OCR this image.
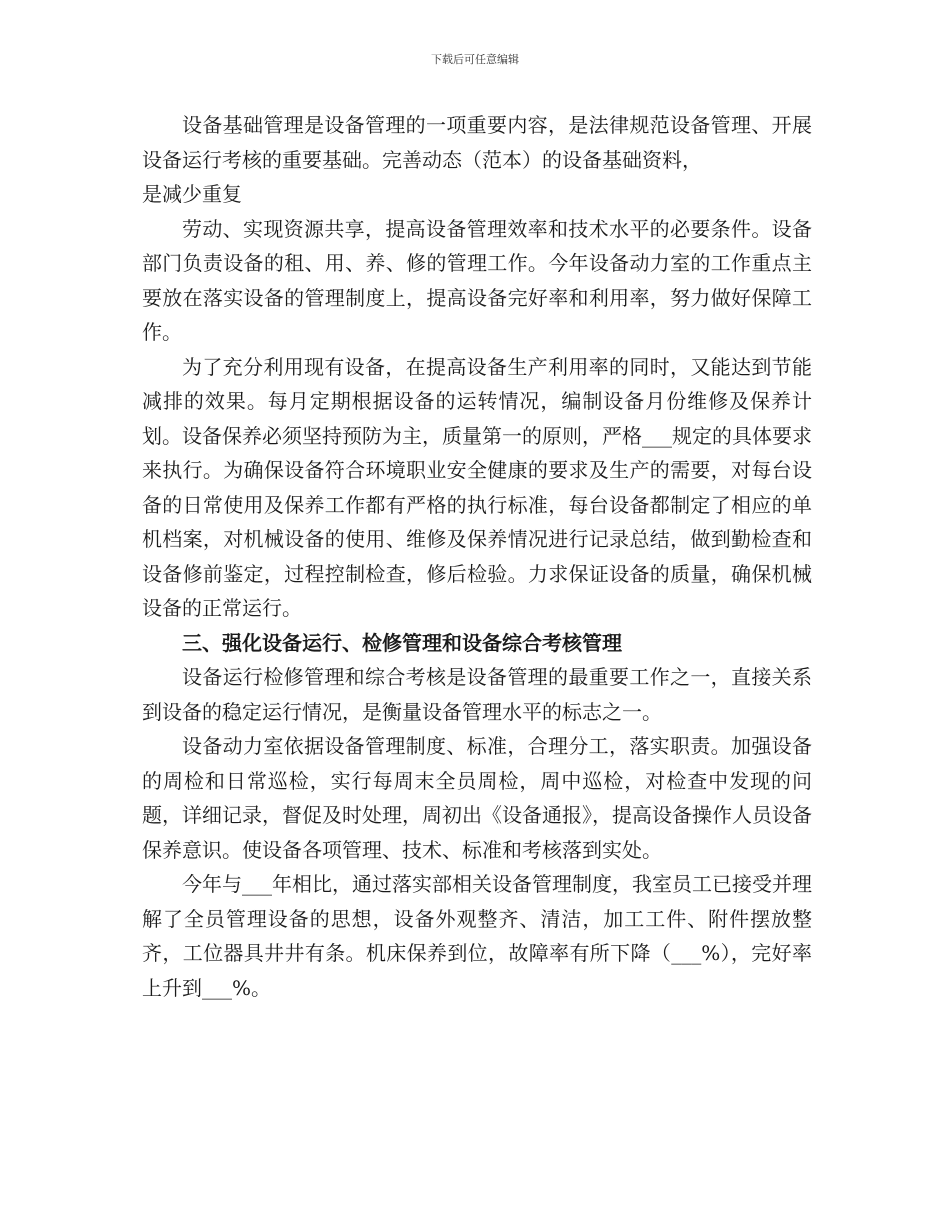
下载后可任意编辑

设备基础管理是设备管理的一项重要内容，是法律规范设备管理、开展设备运行考核的重要基础。完善动态（范本）的设备基础资料，

是减少重复

劳动、实现资源共享，提高设备管理效率和技术水平的必要条件。设备部门负责设备的租、用、养、修的管理工作。今年设备动力室的工作重点主要放在落实设备的管理制度上，提高设备完好率和利用率，努力做好保障工作。

为了充分利用现有设备，在提高设备生产利用率的同时，又能达到节能减排的效果。每月定期根据设备的运转情况，编制设备月份维修及保养计划。设备保养必须坚持预防为主，质量第一的原则，严格___规定的具体要求来执行。为确保设备符合环境职业安全健康的要求及生产的需要，对每台设备的日常使用及保养工作都有严格的执行标准，每台设备都制定了相应的单机档案，对机械设备的使用、维修及保养情况进行记录总结，做到勤检查和设备修前鉴定，过程控制检查，修后检验。力求保证设备的质量，确保机械设备的正常运行。

三、强化设备运行、检修管理和设备综合考核管理

设备运行检修管理和综合考核是设备管理的最重要工作之一，直接关系到设备的稳定运行情况，是衡量设备管理水平的标志之一。

设备动力室依据设备管理制度、标准，合理分工，落实职责。加强设备的周检和日常巡检，实行每周末全员周检，周中巡检，对检查中发现的问题，详细记录，督促及时处理，周初出《设备通报》，提高设备操作人员设备保养意识。使设备各项管理、技术、标准和考核落到实处。

今年与___年相比，通过落实部相关设备管理制度，我室员工已接受并理解了全员管理设备的思想，设备外观整齐、清洁，加工工件、附件摆放整齐，工位器具井井有条。机床保养到位，故障率有所下降（___%），完好率上升到___%。
